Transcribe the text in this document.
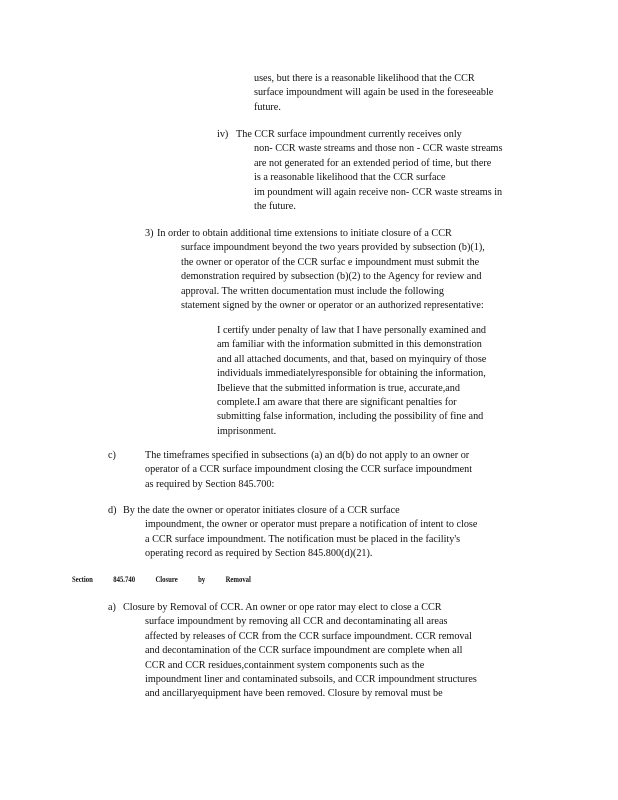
uses, but there is a reasonable likelihood that the CCR
surface impoundment will again be used in the foreseeable
future.
iv) The CCR surface impoundment currently receives only
non- CCR waste streams and those non - CCR waste streams
are not generated for an extended period of time, but there
is a reasonable likelihood that the CCR surface
im poundment will again receive non- CCR waste streams in
the future.
3) In order to obtain additional time extensions to initiate closure of a CCR
surface impoundment beyond the two years provided by subsection (b)(1),
the owner or operator of the CCR surfac e impoundment must submit the
demonstration required by subsection (b)(2) to the Agency for review and
approval. The written documentation must include the following
statement signed by the owner or operator or an authorized representative:
I certify under penalty of law that I have personally examined and
am familiar with the information submitted in this demonstration
and all attached documents, and that, based on myinquiry of those
individuals immediatelyresponsible for obtaining the information,
Ibelieve that the submitted information is true, accurate,and
complete.I am aware that there are significant penalties for
submitting false information, including the possibility of fine and
imprisonment.
c)	The timeframes specified in subsections (a) an d(b) do not apply to an owner or
operator of a CCR surface impoundment closing the CCR surface impoundment
as required by Section 845.700:
d) By the date the owner or operator initiates closure of a CCR surface
impoundment, the owner or operator must prepare a notification of intent to close
a CCR surface impoundment. The notification must be placed in the facility's
operating record as required by Section 845.800(d)(21).
Section 845.740 Closure by Removal
a) Closure by Removal of CCR. An owner or ope rator may elect to close a CCR
surface impoundment by removing all CCR and decontaminating all areas
affected by releases of CCR from the CCR surface impoundment. CCR removal
and decontamination of the CCR surface impoundment are complete when all
CCR and CCR residues,containment system components such as the
impoundment liner and contaminated subsoils, and CCR impoundment structures
and ancillaryequipment have been removed. Closure by removal must be
